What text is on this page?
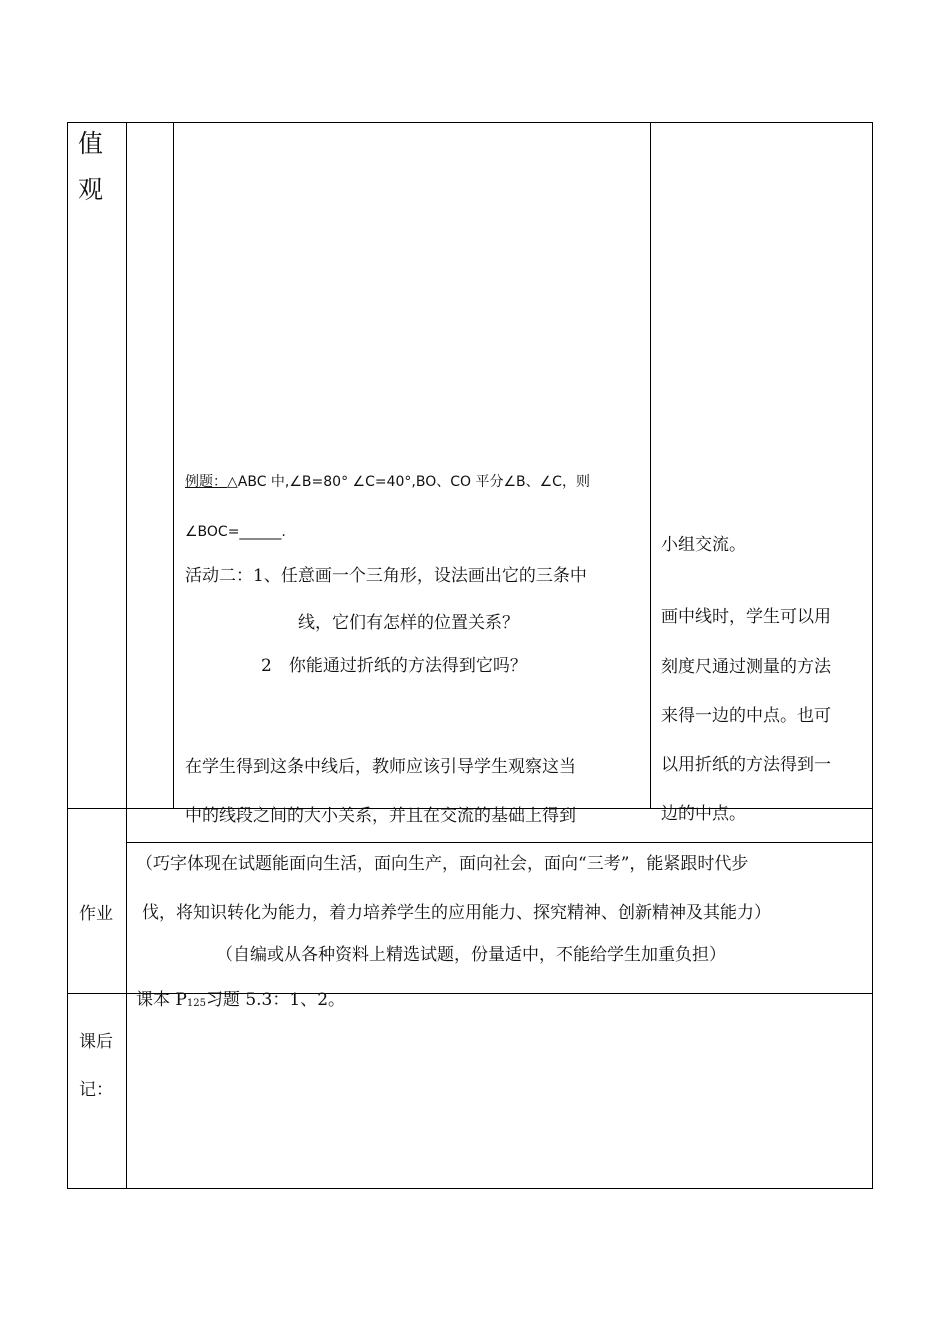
值
观
例题：△ABC 中,∠B=80° ∠C=40°,BO、CO 平分∠B、∠C，则
∠BOC=______.
活动二：1、任意画一个三角形，设法画出它的三条中
线，它们有怎样的位置关系？
2　你能通过折纸的方法得到它吗？
在学生得到这条中线后，教师应该引导学生观察这当
中的线段之间的大小关系，并且在交流的基础上得到
小组交流。
画中线时，学生可以用
刻度尺通过测量的方法
来得一边的中点。也可
以用折纸的方法得到一
边的中点。
作业
（巧字体现在试题能面向生活，面向生产，面向社会，面向“三考”，能紧跟时代步
伐，将知识转化为能力，着力培养学生的应用能力、探究精神、创新精神及其能力）
（自编或从各种资料上精选试题，份量适中，不能给学生加重负担）
课本 $P_{125}$习题 5.3：1、2。
课后
记：
